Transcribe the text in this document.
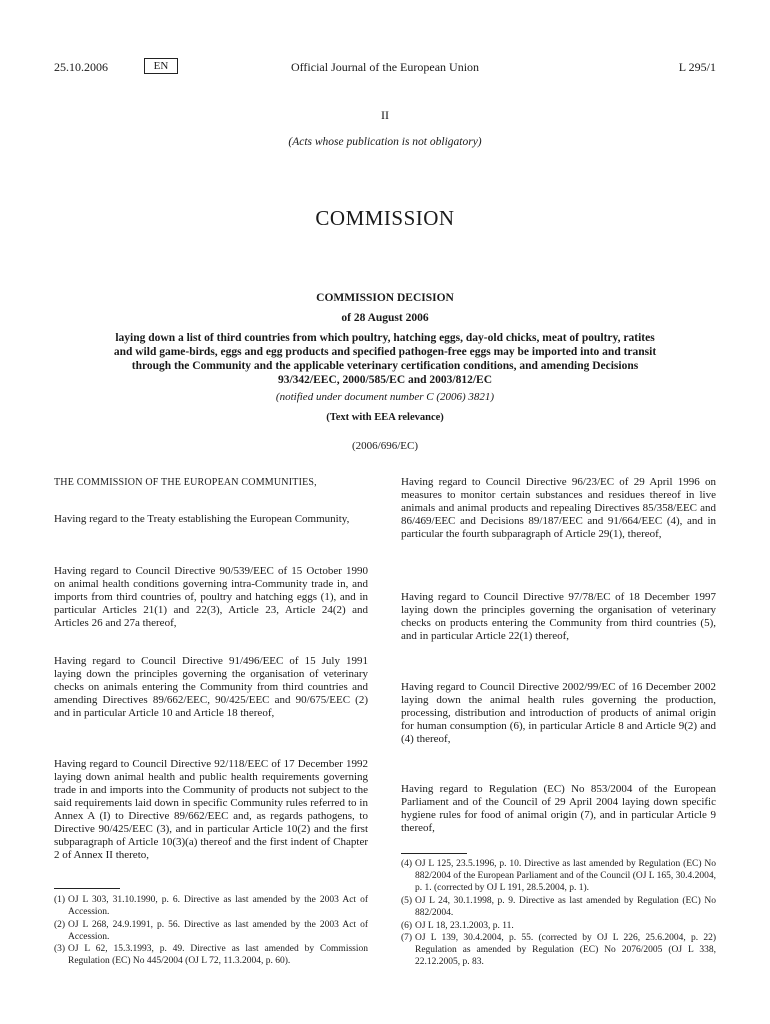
25.10.2006	EN	Official Journal of the European Union	L 295/1
II
(Acts whose publication is not obligatory)
COMMISSION
COMMISSION DECISION
of 28 August 2006
laying down a list of third countries from which poultry, hatching eggs, day-old chicks, meat of poultry, ratites and wild game-birds, eggs and egg products and specified pathogen-free eggs may be imported into and transit through the Community and the applicable veterinary certification conditions, and amending Decisions 93/342/EEC, 2000/585/EC and 2003/812/EC
(notified under document number C (2006) 3821)
(Text with EEA relevance)
(2006/696/EC)

THE COMMISSION OF THE EUROPEAN COMMUNITIES,

Having regard to the Treaty establishing the European Community,

Having regard to Council Directive 90/539/EEC of 15 October 1990 on animal health conditions governing intra-Community trade in, and imports from third countries of, poultry and hatching eggs (1), and in particular Articles 21(1) and 22(3), Article 23, Article 24(2) and Articles 26 and 27a thereof,

Having regard to Council Directive 91/496/EEC of 15 July 1991 laying down the principles governing the organisation of veterinary checks on animals entering the Community from third countries and amending Directives 89/662/EEC, 90/425/EEC and 90/675/EEC (2) and in particular Article 10 and Article 18 thereof,

Having regard to Council Directive 92/118/EEC of 17 December 1992 laying down animal health and public health requirements governing trade in and imports into the Community of products not subject to the said requirements laid down in specific Community rules referred to in Annex A (I) to Directive 89/662/EEC and, as regards pathogens, to Directive 90/425/EEC (3), and in particular Article 10(2) and the first subparagraph of Article 10(3)(a) thereof and the first indent of Chapter 2 of Annex II thereto,

Having regard to Council Directive 96/23/EC of 29 April 1996 on measures to monitor certain substances and residues thereof in live animals and animal products and repealing Directives 85/358/EEC and 86/469/EEC and Decisions 89/187/EEC and 91/664/EEC (4), and in particular the fourth subparagraph of Article 29(1), thereof,

Having regard to Council Directive 97/78/EC of 18 December 1997 laying down the principles governing the organisation of veterinary checks on products entering the Community from third countries (5), and in particular Article 22(1) thereof,

Having regard to Council Directive 2002/99/EC of 16 December 2002 laying down the animal health rules governing the production, processing, distribution and introduction of products of animal origin for human consumption (6), in particular Article 8 and Article 9(2) and (4) thereof,

Having regard to Regulation (EC) No 853/2004 of the European Parliament and of the Council of 29 April 2004 laying down specific hygiene rules for food of animal origin (7), and in particular Article 9 thereof,

(1) OJ L 303, 31.10.1990, p. 6. Directive as last amended by the 2003 Act of Accession.
(2) OJ L 268, 24.9.1991, p. 56. Directive as last amended by the 2003 Act of Accession.
(3) OJ L 62, 15.3.1993, p. 49. Directive as last amended by Commission Regulation (EC) No 445/2004 (OJ L 72, 11.3.2004, p. 60).
(4) OJ L 125, 23.5.1996, p. 10. Directive as last amended by Regulation (EC) No 882/2004 of the European Parliament and of the Council (OJ L 165, 30.4.2004, p. 1. (corrected by OJ L 191, 28.5.2004, p. 1).
(5) OJ L 24, 30.1.1998, p. 9. Directive as last amended by Regulation (EC) No 882/2004.
(6) OJ L 18, 23.1.2003, p. 11.
(7) OJ L 139, 30.4.2004, p. 55. (corrected by OJ L 226, 25.6.2004, p. 22) Regulation as amended by Regulation (EC) No 2076/2005 (OJ L 338, 22.12.2005, p. 83.
